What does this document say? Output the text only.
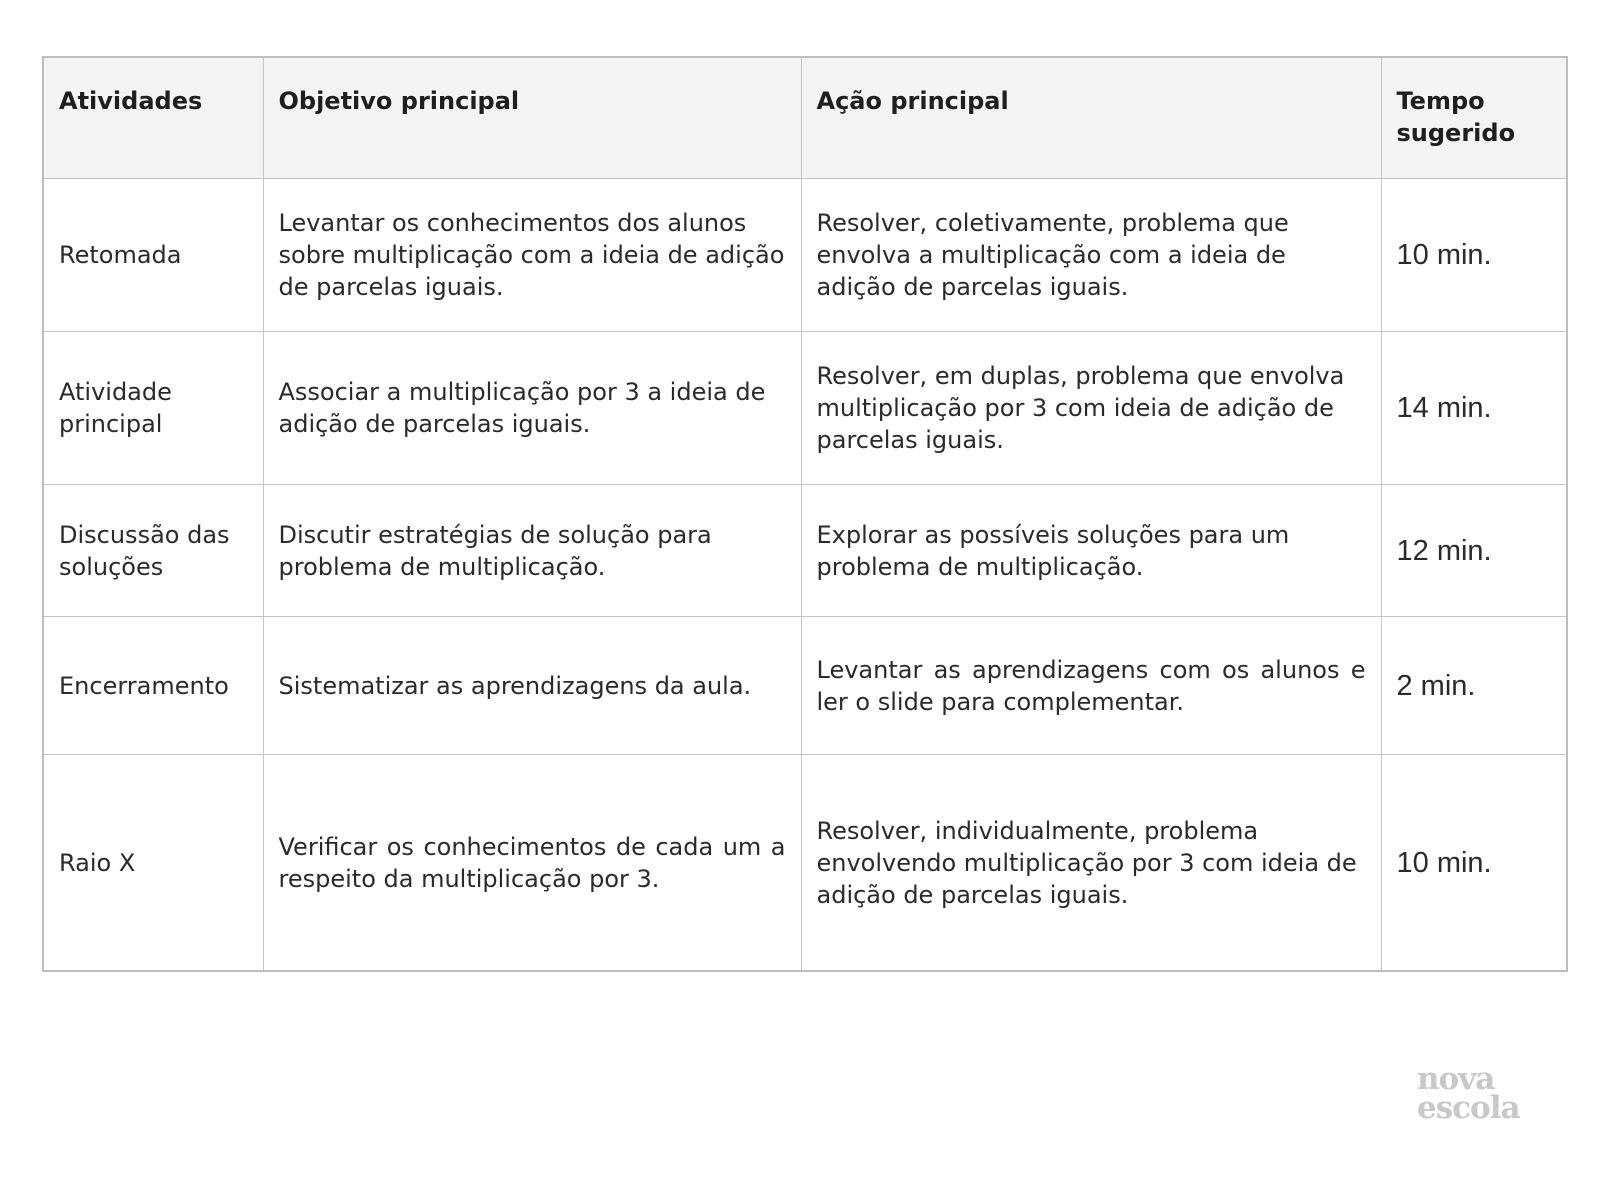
Atividades	Objetivo principal	Ação principal	Tempo sugerido
Retomada	Levantar os conhecimentos dos alunos sobre multiplicação com a ideia de adição de parcelas iguais.	Resolver, coletivamente, problema que envolva a multiplicação com a ideia de adição de parcelas iguais.	10 min.
Atividade principal	Associar a multiplicação por 3 a ideia de adição de parcelas iguais.	Resolver, em duplas, problema que envolva multiplicação por 3 com ideia de adição de parcelas iguais.	14 min.
Discussão das soluções	Discutir estratégias de solução para problema de multiplicação.	Explorar as possíveis soluções para um problema de multiplicação.	12 min.
Encerramento	Sistematizar as aprendizagens da aula.	Levantar as aprendizagens com os alunos e ler o slide para complementar.	2 min.
Raio X	Verificar os conhecimentos de cada um a respeito da multiplicação por 3.	Resolver, individualmente, problema envolvendo multiplicação por 3 com ideia de adição de parcelas iguais.	10 min.
nova
escola
